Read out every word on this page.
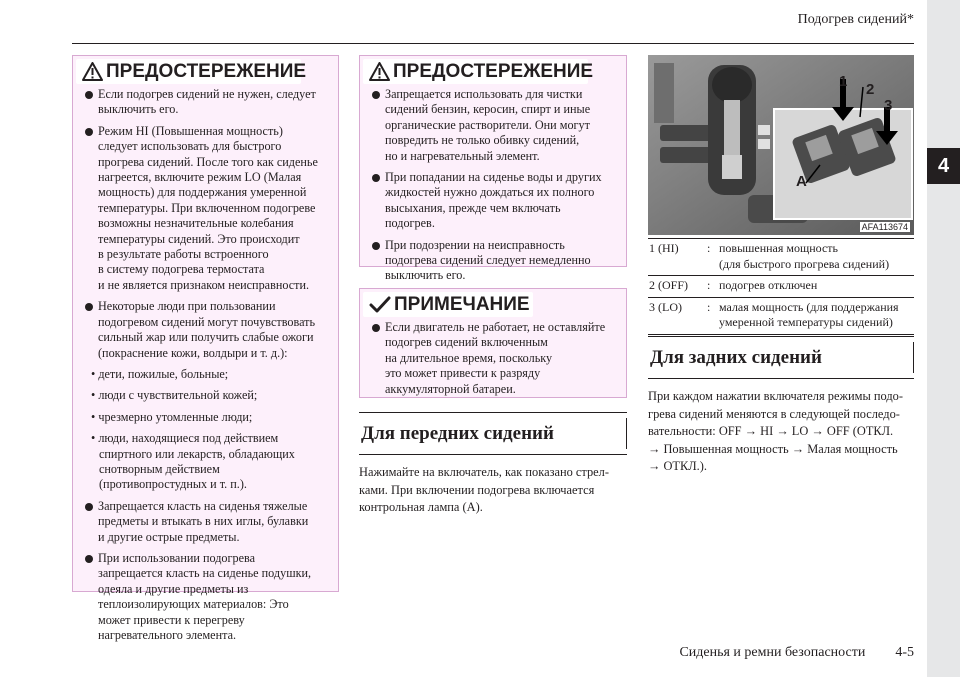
Подогрев сидений*
4
ПРЕДОСТЕРЕЖЕНИЕ
Если подогрев сидений не нужен, следует
выключить его.
Режим HI (Повышенная мощность)
следует использовать для быстрого
прогрева сидений. После того как сиденье
нагреется, включите режим LO (Малая
мощность) для поддержания умеренной
температуры. При включенном подогреве
возможны незначительные колебания
температуры сидений. Это происходит
в результате работы встроенного
в систему подогрева термостата
и не является признаком неисправности.
Некоторые люди при пользовании
подогревом сидений могут почувствовать
сильный жар или получить слабые ожоги
(покраснение кожи, волдыри и т. д.):
• дети, пожилые, больные;
• люди с чувствительной кожей;
• чрезмерно утомленные люди;
• люди, находящиеся под действием
спиртного или лекарств, обладающих
снотворным действием
(противопростудных и т. п.).
Запрещается класть на сиденья тяжелые
предметы и втыкать в них иглы, булавки
и другие острые предметы.
При использовании подогрева
запрещается класть на сиденье подушки,
одеяла и другие предметы из
теплоизолирующих материалов: Это
может привести к перегреву
нагревательного элемента.
ПРЕДОСТЕРЕЖЕНИЕ
Запрещается использовать для чистки
сидений бензин, керосин, спирт и иные
органические растворители. Они могут
повредить не только обивку сидений,
но и нагревательный элемент.
При попадании на сиденье воды и других
жидкостей нужно дождаться их полного
высыхания, прежде чем включать
подогрев.
При подозрении на неисправность
подогрева сидений следует немедленно
выключить его.
ПРИМЕЧАНИЕ
Если двигатель не работает, не оставляйте
подогрев сидений включенным
на длительное время, поскольку
это может привести к разряду
аккумуляторной батареи.
Для передних сидений
Нажимайте на включатель, как показано стрел-
ками. При включении подогрева включается
контрольная лампа (A).
1 2
3
A
AFA113674
1 (HI) : повышенная мощность
(для быстрого прогрева сидений)
2 (OFF) : подогрев отключен
3 (LO) : малая мощность (для поддержания
умеренной температуры сидений)
Для задних сидений
При каждом нажатии включателя режимы подо-
грева сидений меняются в следующей последо-
вательности: OFF → HI → LO → OFF (ОТКЛ.
→ Повышенная мощность → Малая мощность
→ ОТКЛ.).
Сиденья и ремни безопасности 4-5
